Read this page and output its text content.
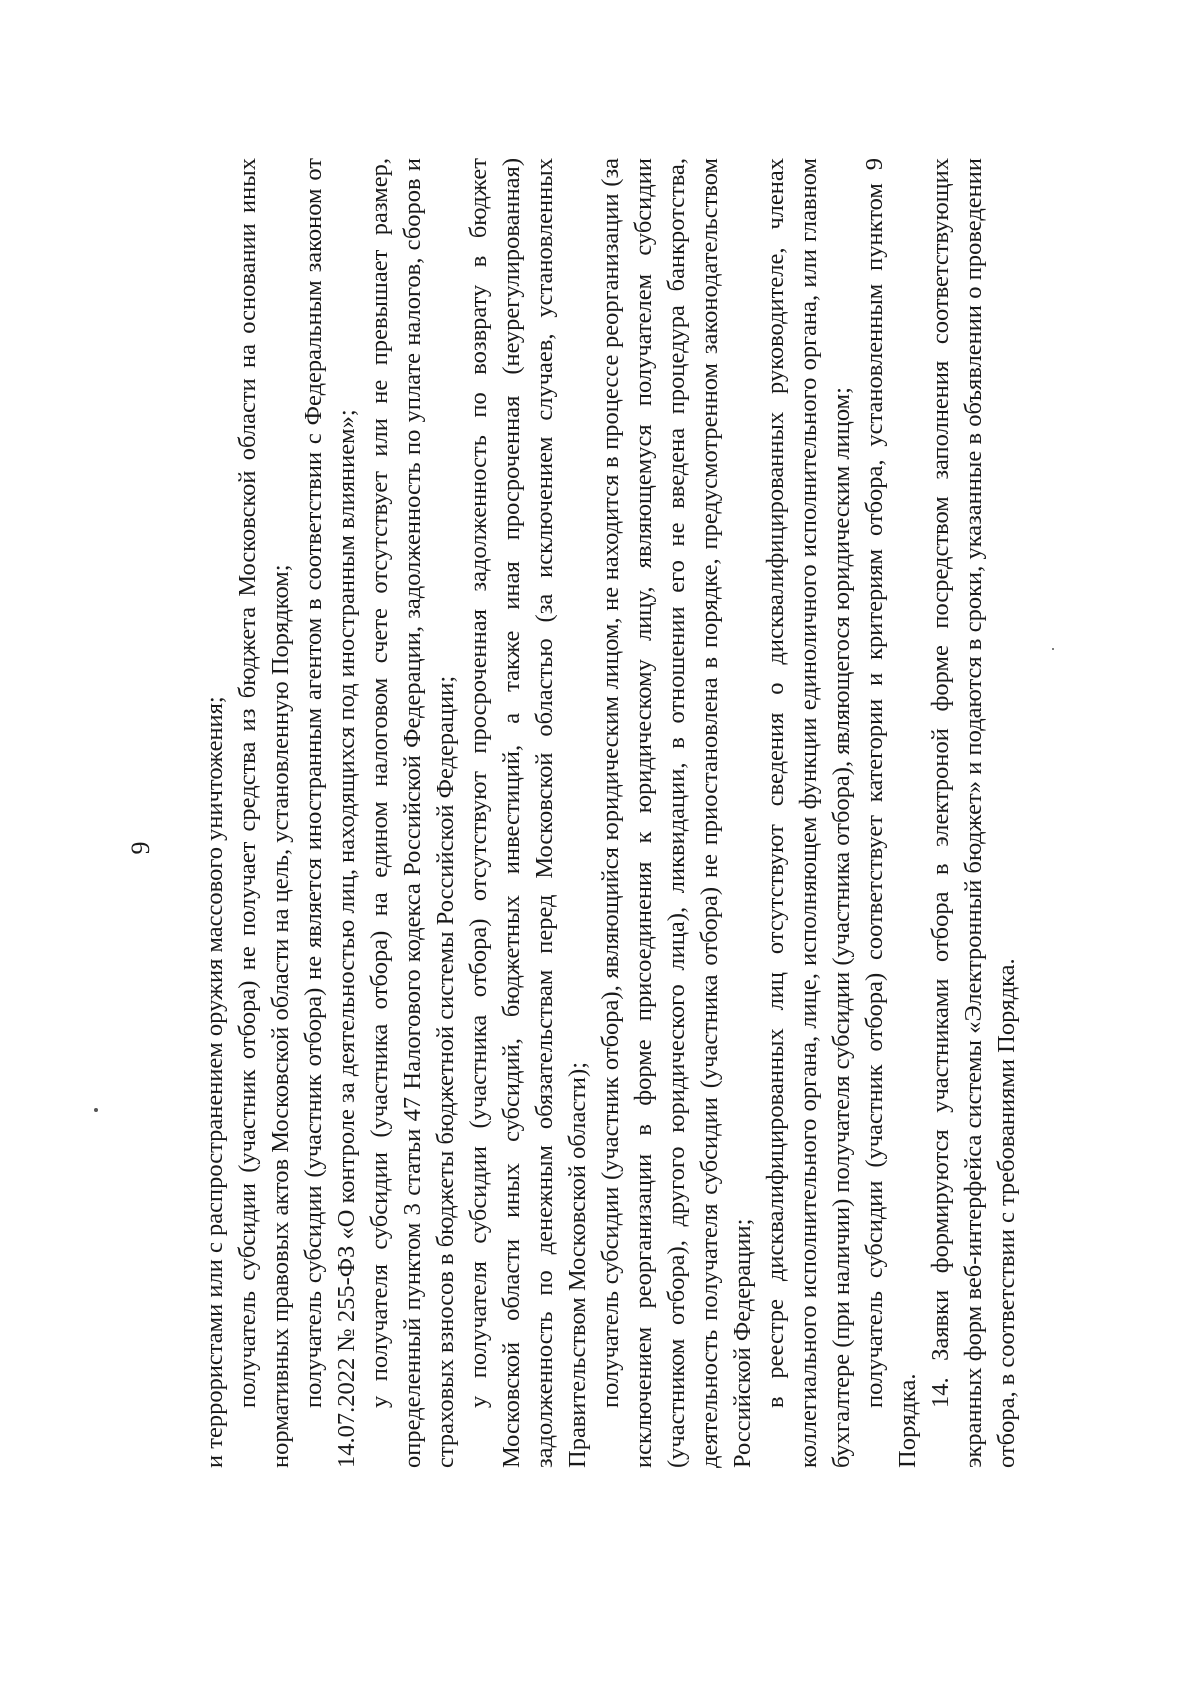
9 и террористами или с распространением оружия массового уничтожения; получатель субсидии (участник отбора) не получает средства из бюджета Московской области на основании иных нормативных правовых актов Московской области на цель, установленную Порядком; получатель субсидии (участник отбора) не является иностранным агентом в соответствии с Федеральным законом от 14.07.2022 № 255-ФЗ «О контроле за деятельностью лиц, находящихся под иностранным влиянием»; у получателя субсидии (участника отбора) на едином налоговом счете отсутствует или не превышает размер, определенный пунктом 3 статьи 47 Налогового кодекса Российской Федерации, задолженность по уплате налогов, сборов и страховых взносов в бюджеты бюджетной системы Российской Федерации; у получателя субсидии (участника отбора) отсутствуют просроченная задолженность по возврату в бюджет Московской области иных субсидий, бюджетных инвестиций, а также иная просроченная (неурегулированная) задолженность по денежным обязательствам перед Московской областью (за исключением случаев, установленных Правительством Московской области); получатель субсидии (участник отбора), являющийся юридическим лицом, не находится в процессе реорганизации (за исключением реорганизации в форме присоединения к юридическому лицу, являющемуся получателем субсидии (участником отбора), другого юридического лица), ликвидации, в отношении его не введена процедура банкротства, деятельность получателя субсидии (участника отбора) не приостановлена в порядке, предусмотренном законодательством Российской Федерации; в реестре дисквалифицированных лиц отсутствуют сведения о дисквалифицированных руководителе, членах коллегиального исполнительного органа, лице, исполняющем функции единоличного исполнительного органа, или главном бухгалтере (при наличии) получателя субсидии (участника отбора), являющегося юридическим лицом; получатель субсидии (участник отбора) соответствует категории и критериям отбора, установленным пунктом 9 Порядка.

14. Заявки формируются участниками отбора в электроной форме посредством заполнения соответствующих экранных форм веб-интерфейса системы «Электронный бюджет» и подаются в сроки, указанные в объявлении о проведении отбора, в соответствии с требованиями Порядка.
